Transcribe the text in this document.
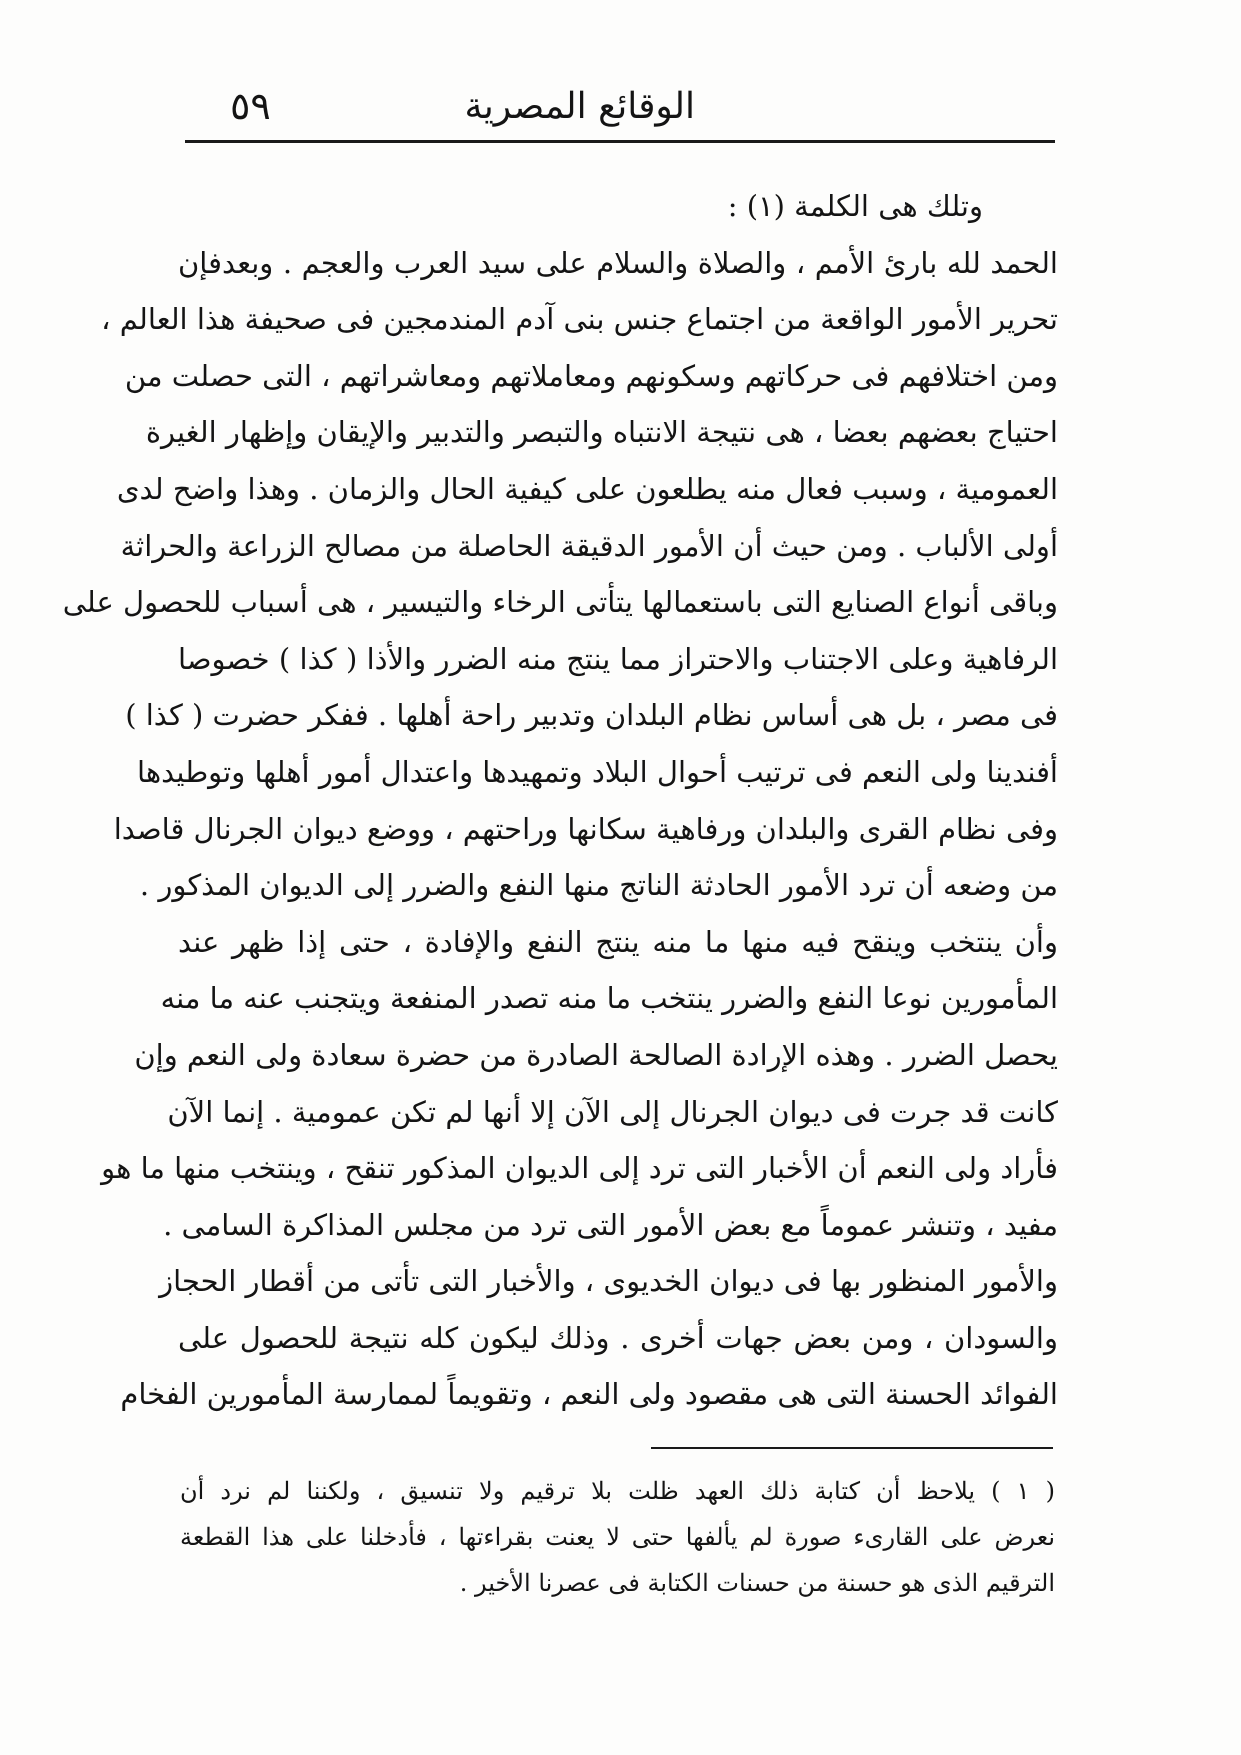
الوقائع المصرية
٥٩
وتلك هى الكلمة (١) :
الحمد لله بارئ الأمم ، والصلاة والسلام على سيد العرب والعجم . وبعدفإن
تحرير الأمور الواقعة من اجتماع جنس بنى آدم المندمجين فى صحيفة هذا العالم ،
ومن اختلافهم فى حركاتهم وسكونهم ومعاملاتهم ومعاشراتهم ، التى حصلت من
احتياج بعضهم بعضا ، هى نتيجة الانتباه والتبصر والتدبير والإيقان وإظهار الغيرة
العمومية ، وسبب فعال منه يطلعون على كيفية الحال والزمان . وهذا واضح لدى
أولى الألباب . ومن حيث أن الأمور الدقيقة الحاصلة من مصالح الزراعة والحراثة
وباقى أنواع الصنايع التى باستعمالها يتأتى الرخاء والتيسير ، هى أسباب للحصول على
الرفاهية وعلى الاجتناب والاحتراز مما ينتج منه الضرر والأذا ( كذا ) خصوصا
فى مصر ، بل هى أساس نظام البلدان وتدبير راحة أهلها . ففكر حضرت ( كذا )
أفندينا ولى النعم فى ترتيب أحوال البلاد وتمهيدها واعتدال أمور أهلها وتوطيدها
وفى نظام القرى والبلدان ورفاهية سكانها وراحتهم ، ووضع ديوان الجرنال قاصدا
من وضعه أن ترد الأمور الحادثة الناتج منها النفع والضرر إلى الديوان المذكور .
وأن ينتخب وينقح فيه منها ما منه ينتج النفع والإفادة ، حتى إذا ظهر عند
المأمورين نوعا النفع والضرر ينتخب ما منه تصدر المنفعة ويتجنب عنه ما منه
يحصل الضرر . وهذه الإرادة الصالحة الصادرة من حضرة سعادة ولى النعم وإن
كانت قد جرت فى ديوان الجرنال إلى الآن إلا أنها لم تكن عمومية . إنما الآن
فأراد ولى النعم أن الأخبار التى ترد إلى الديوان المذكور تنقح ، وينتخب منها ما هو
مفيد ، وتنشر عموماً مع بعض الأمور التى ترد من مجلس المذاكرة السامى .
والأمور المنظور بها فى ديوان الخديوى ، والأخبار التى تأتى من أقطار الحجاز
والسودان ، ومن بعض جهات أخرى . وذلك ليكون كله نتيجة للحصول على
الفوائد الحسنة التى هى مقصود ولى النعم ، وتقويماً لممارسة المأمورين الفخام
( ١ ) يلاحظ أن كتابة ذلك العهد ظلت بلا ترقيم ولا تنسيق ، ولكننا لم نرد أن
نعرض على القارىء صورة لم يألفها حتى لا يعنت بقراءتها ، فأدخلنا على هذا القطعة
الترقيم الذى هو حسنة من حسنات الكتابة فى عصرنا الأخير .
